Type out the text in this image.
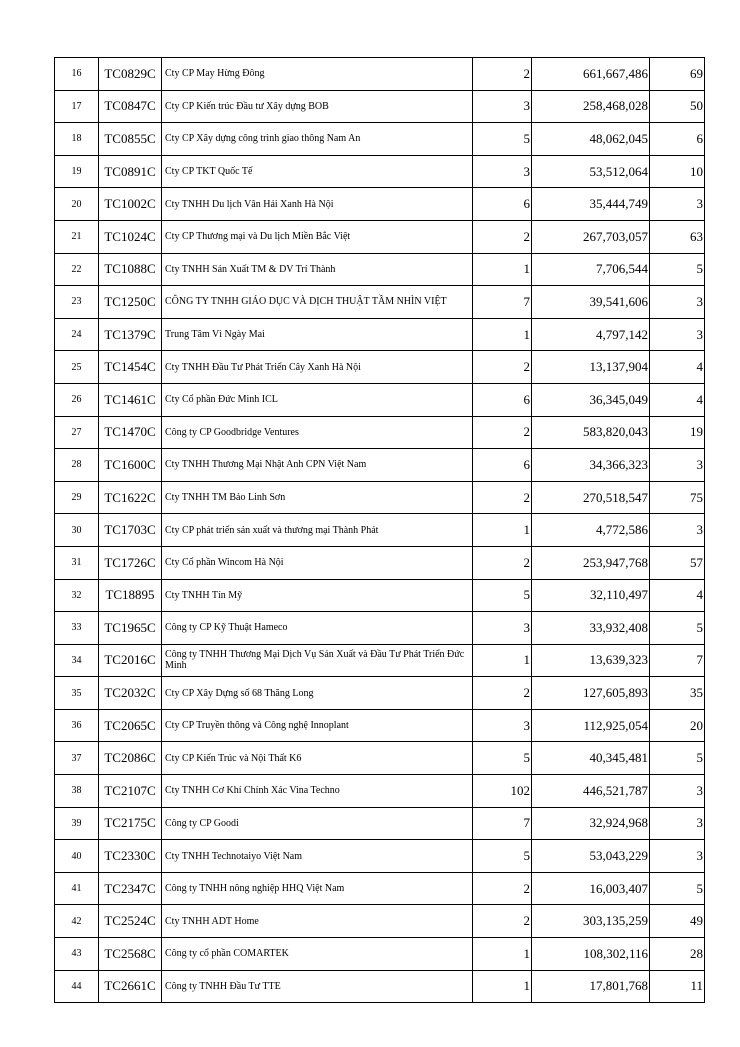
16	TC0829C	Cty CP May Hừng Đông	2	661,667,486	69
17	TC0847C	Cty CP Kiến trúc Đầu tư Xây dựng BOB	3	258,468,028	50
18	TC0855C	Cty CP Xây dựng công trình giao thông Nam An	5	48,062,045	6
19	TC0891C	Cty CP TKT Quốc Tế	3	53,512,064	10
20	TC1002C	Cty TNHH Du lịch Vân Hải Xanh Hà Nội	6	35,444,749	3
21	TC1024C	Cty CP Thương mại và Du lịch Miền Bắc Việt	2	267,703,057	63
22	TC1088C	Cty TNHH Sản Xuất TM & DV Trí Thành	1	7,706,544	5
23	TC1250C	CÔNG TY TNHH GIÁO DỤC VÀ DỊCH THUẬT TẦM NHÌN VIỆT	7	39,541,606	3
24	TC1379C	Trung Tâm Vì Ngày Mai	1	4,797,142	3
25	TC1454C	Cty TNHH Đầu Tư Phát Triển Cây Xanh Hà Nội	2	13,137,904	4
26	TC1461C	Cty Cổ phần Đức Minh ICL	6	36,345,049	4
27	TC1470C	Công ty CP Goodbridge Ventures	2	583,820,043	19
28	TC1600C	Cty TNHH Thương Mại Nhật Anh CPN Việt Nam	6	34,366,323	3
29	TC1622C	Cty TNHH TM Bảo Linh Sơn	2	270,518,547	75
30	TC1703C	Cty CP phát triển sản xuất và thương mại Thành Phát	1	4,772,586	3
31	TC1726C	Cty Cổ phần Wincom Hà Nội	2	253,947,768	57
32	TC18895	Cty TNHH Tín Mỹ	5	32,110,497	4
33	TC1965C	Công ty CP Kỹ Thuật Hameco	3	33,932,408	5
34	TC2016C	Công ty TNHH Thương Mại Dịch Vụ Sản Xuất và Đầu Tư Phát Triển Đức Minh	1	13,639,323	7
35	TC2032C	Cty CP Xây Dựng số 68 Thăng Long	2	127,605,893	35
36	TC2065C	Cty CP Truyền thông và Công nghệ Innoplant	3	112,925,054	20
37	TC2086C	Cty CP Kiến Trúc và Nội Thất K6	5	40,345,481	5
38	TC2107C	Cty TNHH Cơ Khí Chính Xác Vina Techno	102	446,521,787	3
39	TC2175C	Công ty CP Goodi	7	32,924,968	3
40	TC2330C	Cty TNHH Technotaiyo Việt Nam	5	53,043,229	3
41	TC2347C	Công ty TNHH nông nghiệp HHQ Việt Nam	2	16,003,407	5
42	TC2524C	Cty TNHH ADT Home	2	303,135,259	49
43	TC2568C	Công ty cổ phần COMARTEK	1	108,302,116	28
44	TC2661C	Công ty TNHH Đầu Tư TTE	1	17,801,768	11
